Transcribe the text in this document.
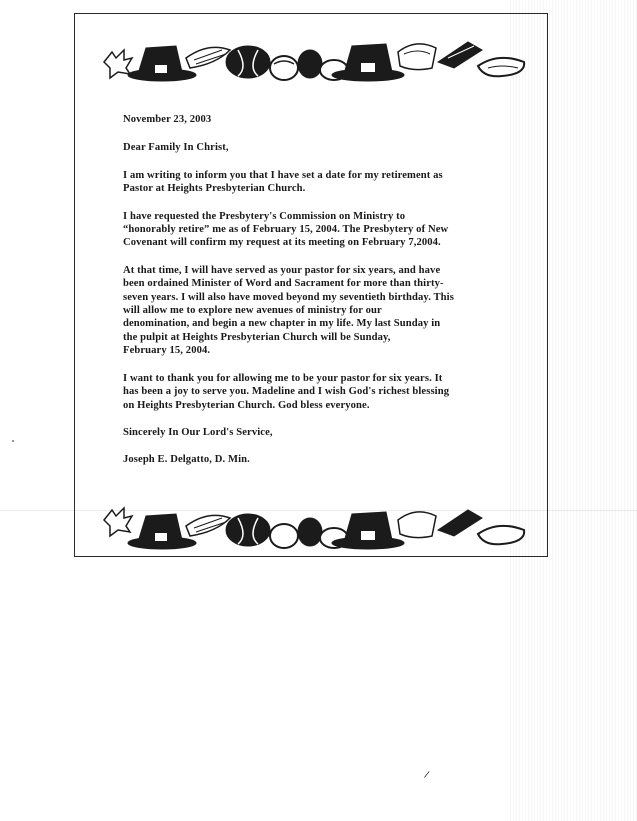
November 23, 2003

Dear Family In Christ,

I am writing to inform you that I have set a date for my retirement as
Pastor at Heights Presbyterian Church.

I have requested the Presbytery's Commission on Ministry to
“honorably retire” me as of February 15, 2004. The Presbytery of New
Covenant will confirm my request at its meeting on February 7,2004.

At that time, I will have served as your pastor for six years, and have
been ordained Minister of Word and Sacrament for more than thirty-
seven years. I will also have moved beyond my seventieth birthday. This
will allow me to explore new avenues of ministry for our
denomination, and begin a new chapter in my life. My last Sunday in
the pulpit at Heights Presbyterian Church will be Sunday,
February 15, 2004.

I want to thank you for allowing me to be your pastor for six years. It
has been a joy to serve you. Madeline and I wish God's richest blessing
on Heights Presbyterian Church. God bless everyone.

Sincerely In Our Lord's Service,

Joseph E. Delgatto, D. Min.

/
